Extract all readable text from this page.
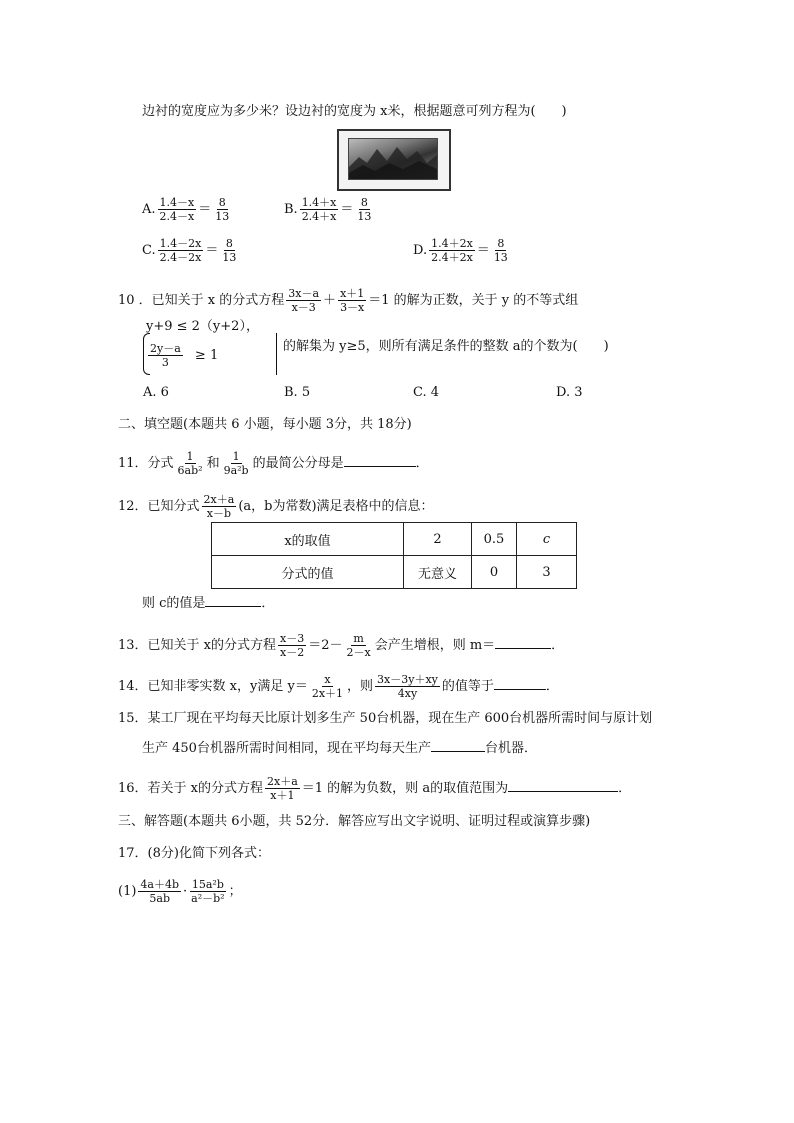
边衬的宽度应为多少米？设边衬的宽度为 x米，根据题意可列方程为(　　)
A. $\frac{1.4-x}{2.4-x} = \frac{8}{13}$	B. $\frac{1.4+x}{2.4+x} = \frac{8}{13}$
C. $\frac{1.4-2x}{2.4-2x} = \frac{8}{13}$	D. $\frac{1.4+2x}{2.4+2x} = \frac{8}{13}$
10 ．已知关于 x 的分式方程 $\frac{3x-a}{x-3} + \frac{x+1}{3-x} =1$ 的解为正数，关于 y 的不等式组
y+9 ≤ 2（y+2），
$\frac{2y-a}{3} \ge 1$
的解集为 y≥5，则所有满足条件的整数 a的个数为(　　)
A. 6	B. 5	C. 4	D. 3
二、填空题(本题共 6 小题，每小题 3分，共 18分)
11．分式 $\frac{1}{\text{6ab²}}$ 和 $\frac{1}{\text{9a²b}}$ 的最简公分母是	．
12．已知分式 $\frac{2x+a}{x-b} (a$，b为常数)满足表格中的信息：
x的取值	2	0.5	c
分式的值	无意义	0	3
则 c的值是	．
13．已知关于 x的分式方程 $\frac{x-3}{x-2} =2- \frac{m}{2-x}$ 会产生增根，则 m＝	．
14．已知非零实数 x，y满足 $y= \frac{x}{2x+1}$ ，则 $\frac{3x-3y+xy}{4xy}$ 的值等于	．
15．某工厂现在平均每天比原计划多生产 50台机器，现在生产 600台机器所需时间与原计划
生产 450台机器所需时间相同，现在平均每天生产	台机器．
16．若关于 x的分式方程 $\frac{2x+a}{x+1} =1$ 的解为负数，则 a的取值范围为	．
三、解答题(本题共 6小题，共 52分．解答应写出文字说明、证明过程或演算步骤)
17．(8分)化简下列各式：
$(1) \frac{4a+4b}{5ab} \cdot \frac{\text{15a²b}}{\text{a²－b²}}$ ；
